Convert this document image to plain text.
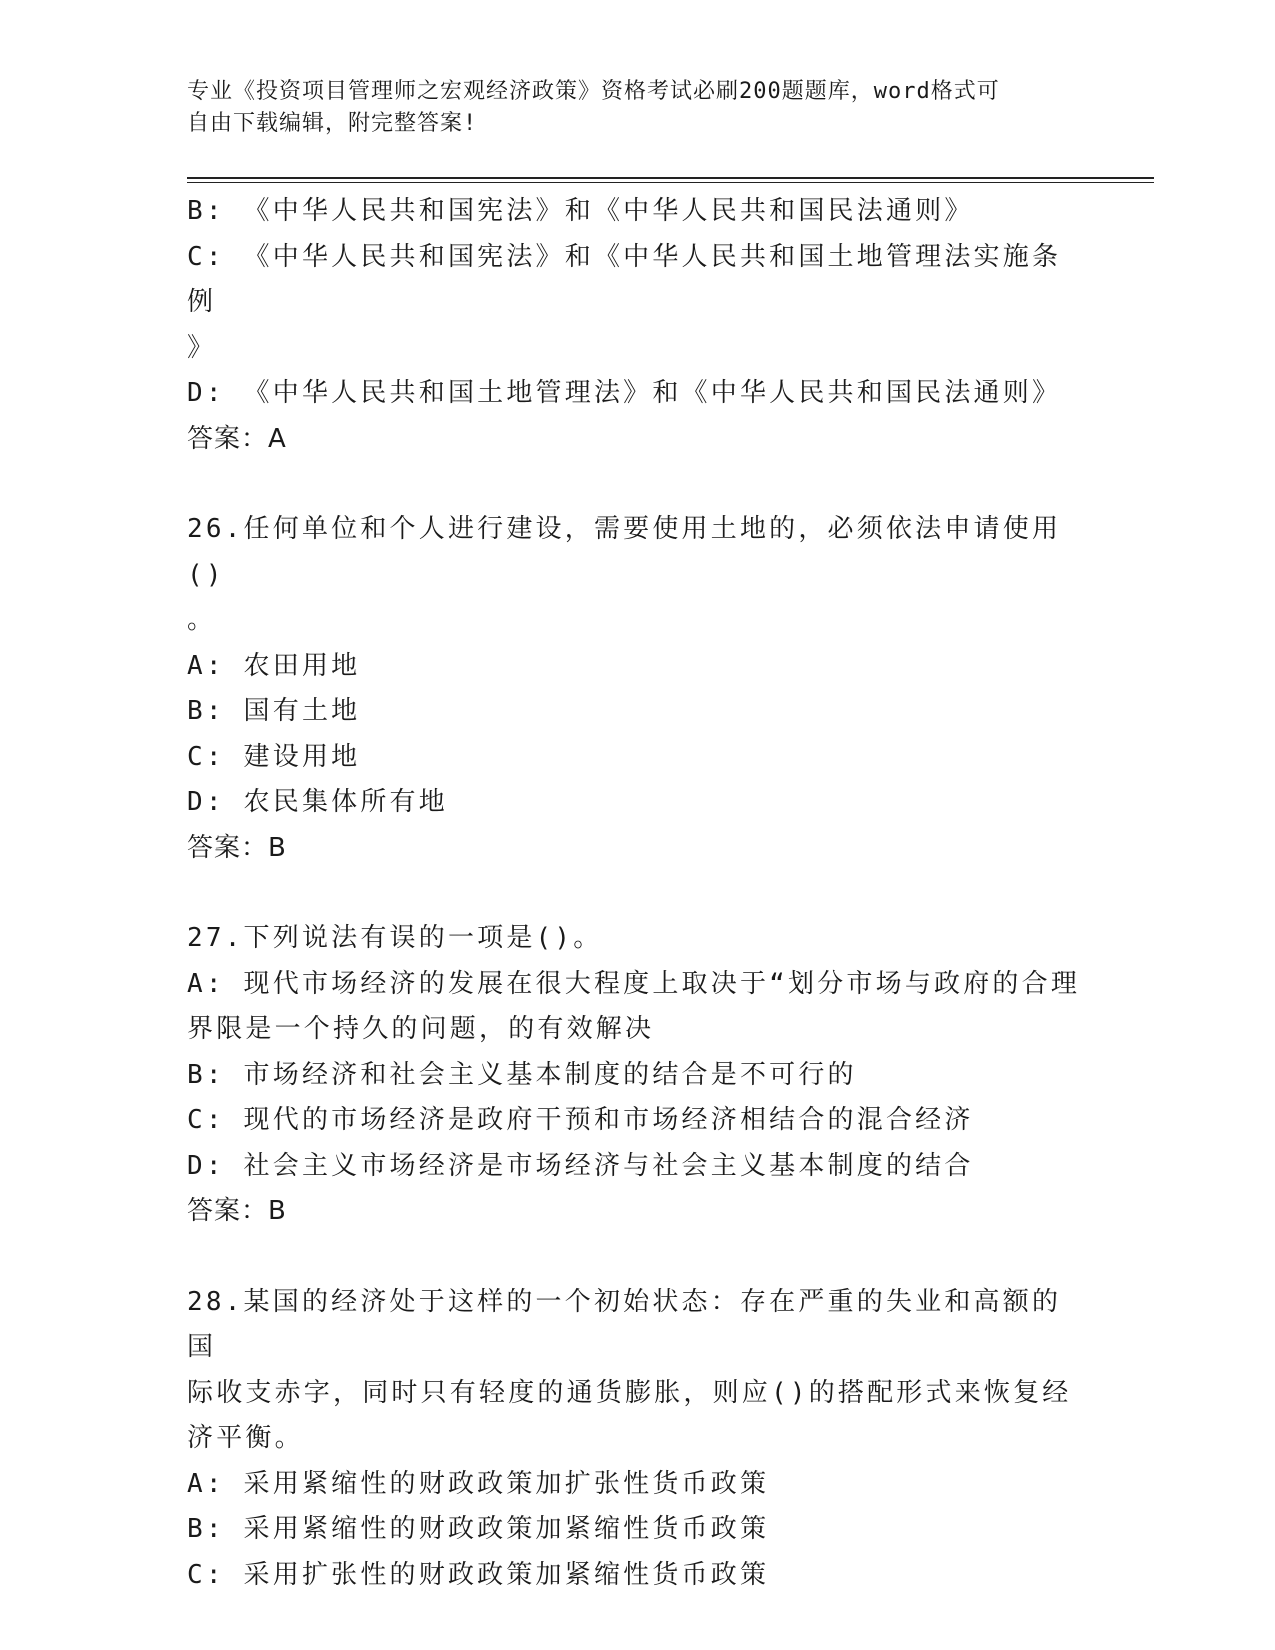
专业《投资项目管理师之宏观经济政策》资格考试必刷200题题库，word格式可
自由下载编辑，附完整答案!
B: 《中华人民共和国宪法》和《中华人民共和国民法通则》
C: 《中华人民共和国宪法》和《中华人民共和国土地管理法实施条例
》
D: 《中华人民共和国土地管理法》和《中华人民共和国民法通则》
答案：A
26.任何单位和个人进行建设，需要使用土地的，必须依法申请使用()
。
A: 农田用地
B: 国有土地
C: 建设用地
D: 农民集体所有地
答案：B
27.下列说法有误的一项是()。
A: 现代市场经济的发展在很大程度上取决于“划分市场与政府的合理
界限是一个持久的问题，的有效解决
B: 市场经济和社会主义基本制度的结合是不可行的
C: 现代的市场经济是政府干预和市场经济相结合的混合经济
D: 社会主义市场经济是市场经济与社会主义基本制度的结合
答案：B
28.某国的经济处于这样的一个初始状态：存在严重的失业和高额的国
际收支赤字，同时只有轻度的通货膨胀，则应()的搭配形式来恢复经
济平衡。
A: 采用紧缩性的财政政策加扩张性货币政策
B: 采用紧缩性的财政政策加紧缩性货币政策
C: 采用扩张性的财政政策加紧缩性货币政策
